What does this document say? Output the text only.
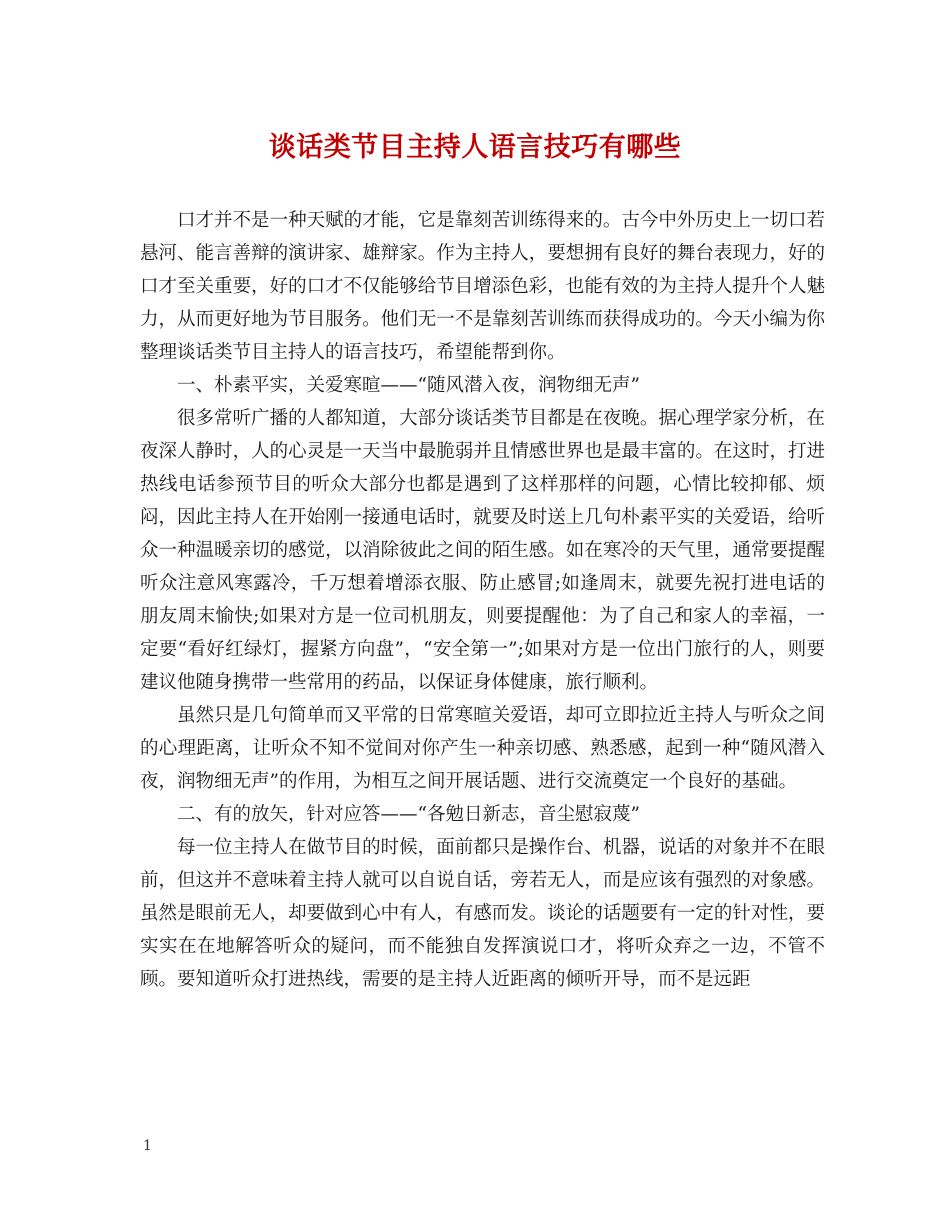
谈话类节目主持人语言技巧有哪些

口才并不是一种天赋的才能，它是靠刻苦训练得来的。古今中外历史上一切口若悬河、能言善辩的演讲家、雄辩家。作为主持人，要想拥有良好的舞台表现力，好的口才至关重要，好的口才不仅能够给节目增添色彩，也能有效的为主持人提升个人魅力，从而更好地为节目服务。他们无一不是靠刻苦训练而获得成功的。今天小编为你整理谈话类节目主持人的语言技巧，希望能帮到你。

一、朴素平实，关爱寒暄——“随风潜入夜，润物细无声”

很多常听广播的人都知道，大部分谈话类节目都是在夜晚。据心理学家分析，在夜深人静时，人的心灵是一天当中最脆弱并且情感世界也是最丰富的。在这时，打进热线电话参预节目的听众大部分也都是遇到了这样那样的问题，心情比较抑郁、烦闷，因此主持人在开始刚一接通电话时，就要及时送上几句朴素平实的关爱语，给听众一种温暖亲切的感觉，以消除彼此之间的陌生感。如在寒冷的天气里，通常要提醒听众注意风寒露冷，千万想着增添衣服、防止感冒;如逢周末，就要先祝打进电话的朋友周末愉快;如果对方是一位司机朋友，则要提醒他：为了自己和家人的幸福，一定要“看好红绿灯，握紧方向盘”，“安全第一”;如果对方是一位出门旅行的人，则要建议他随身携带一些常用的药品，以保证身体健康，旅行顺利。

虽然只是几句简单而又平常的日常寒暄关爱语，却可立即拉近主持人与听众之间的心理距离，让听众不知不觉间对你产生一种亲切感、熟悉感，起到一种“随风潜入夜，润物细无声”的作用，为相互之间开展话题、进行交流奠定一个良好的基础。

二、有的放矢，针对应答——“各勉日新志，音尘慰寂蔑”

每一位主持人在做节目的时候，面前都只是操作台、机器，说话的对象并不在眼前，但这并不意味着主持人就可以自说自话，旁若无人，而是应该有强烈的对象感。虽然是眼前无人，却要做到心中有人，有感而发。谈论的话题要有一定的针对性，要实实在在地解答听众的疑问，而不能独自发挥演说口才，将听众弃之一边，不管不顾。要知道听众打进热线，需要的是主持人近距离的倾听开导，而不是远距

1
